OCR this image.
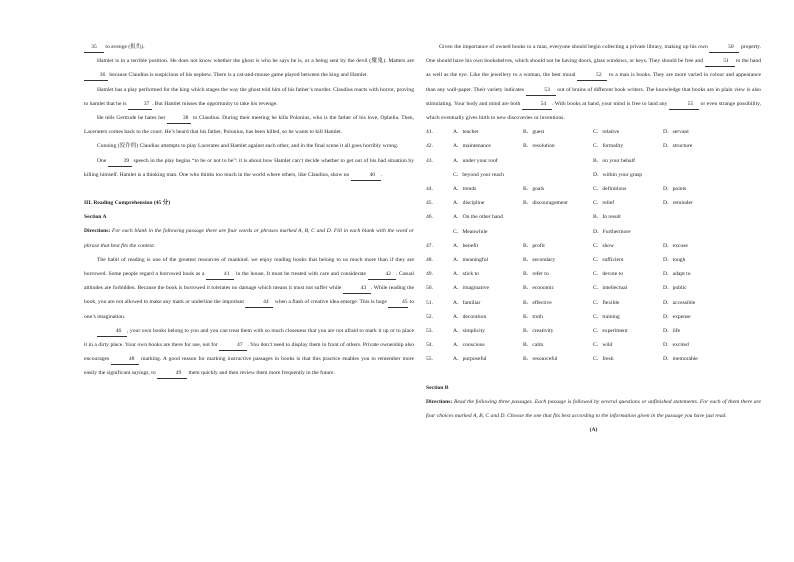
35 to avenge (报仇).

Hamlet is in a terrible position. He does not know whether the ghost is who he says he is, or a being sent by the devil (魔鬼). Matters are 36 because Claudius is suspicious of his nephew. There is a cat-and-mouse game played between the king and Hamlet.

Hamlet has a play performed for the king which stages the way the ghost told him of his father’s murder. Claudius reacts with horror, proving to hamlet that he is	37 . But Hamlet misses the opportunity to take his revenge.

He tells Gertrude he hates her	38 to Claudius. During their meeting he kills Polonius, who is the father of his love, Ophelia. Then, Laceraters comes back to the court. He’s heard that his father, Polonius, has been killed, so he wants to kill Hamlet.

Cunning (狡诈的) Claudius attempts to play Lacerates and Hamlet against each other, and in the final scene it all goes horribly wrong.

One	39 speech in the play begins “to be or not to be”: it is about how Hamlet can’t decide whether to get out of his bad situation by killing himself. Hamlet is a thinking man. One who thinks too much in the world where others, like Claudius, show no	40 .

III. Reading Comprehension (45 分)

Section A

Directions: For each blank in the following passage there are four words or phrases marked A, B, C and D. Fill in each blank with the word or phrase that best fits the context.

The habit of reading is one of the greatest resources of mankind. we enjoy reading books that belong to us much more than if they are borrowed. Some people regard a borrowed book as a	41 in the house. It must be treated with care and considerate	42 . Casual attitudes are forbidden. Because the book is borrowed it tolerates no damage which means it must not suffer while	43 . While reading the book, you are not allowed to make any mark or underline the important	44 when a flash of creative idea emerge. This is huge	45 to one’s imagination.

46 , your own books belong to you and you can treat them with so much closeness that you are not afraid to mark it up or to place it in a dirty place. Your own books are there for use, not for	47 . You don’t need to display them in front of others. Private ownership also encourages	48 marking. A good reason for marking instructive passages in books is that this practice enables you to remember more easily the significant sayings, to	49 them quickly and then review them more frequently in the future.

Given the importance of owned books to a man, everyone should begin collecting a private library, making up his own	50 property. One should have his own bookshelves, which should not be having doors, glass windows, or keys. They should be free and	51 to the hand as well as the eye. Like the jewellery to a woman, the best mural	52 to a man is books. They are more varied in colour and appearance than any wall-paper. Their variety indicates	53 out of brains of different book writers. The knowledge that books are in plain view is also stimulating. Your body and mind are both	54 . With books at hand, your mind is free to land any	55 or even strange possibility, which eventually gives birth to new discoveries or inventions.

41.	A．teacher	B．guest	C．relative	D．servant
42.	A．maintenance	B．resolution	C．formality	D．structure
43.	A．under your roof	B．on your behalf
C．beyond your reach	D．within your grasp
44.	A．trends	B．goals	C．definitions	D．points
45.	A．discipline	B．discouragement	C．relief	D．reminder
46.	A．On the other hand	B．In result
C．Meanwhile	D．Furthermore
47.	A．benefit	B．profit	C．show	D．excuse
48.	A．meaningful	B．secondary	C．sufficient	D．tough
49.	A．stick to	B．refer to	C．devote to	D．adapt to
50.	A．imaginative	B．economic	C．intellectual	D．public
51.	A．familiar	B．effective	C．flexible	D．accessible
52.	A．decoration	B．truth	C．training	D．expense
53.	A．simplicity	B．creativity	C．experiment	D．life
54.	A．conscious	B．calm	C．wild	D．excited
55.	A．purposeful	B．resourceful	C．fresh	D．memorable

Section B

Directions: Read the following three passages. Each passage is followed by several questions or unfinished statements. For each of them there are four choices marked A, B, C and D. Choose the one that fits best according to the information given in the passage you have just read.

(A)
